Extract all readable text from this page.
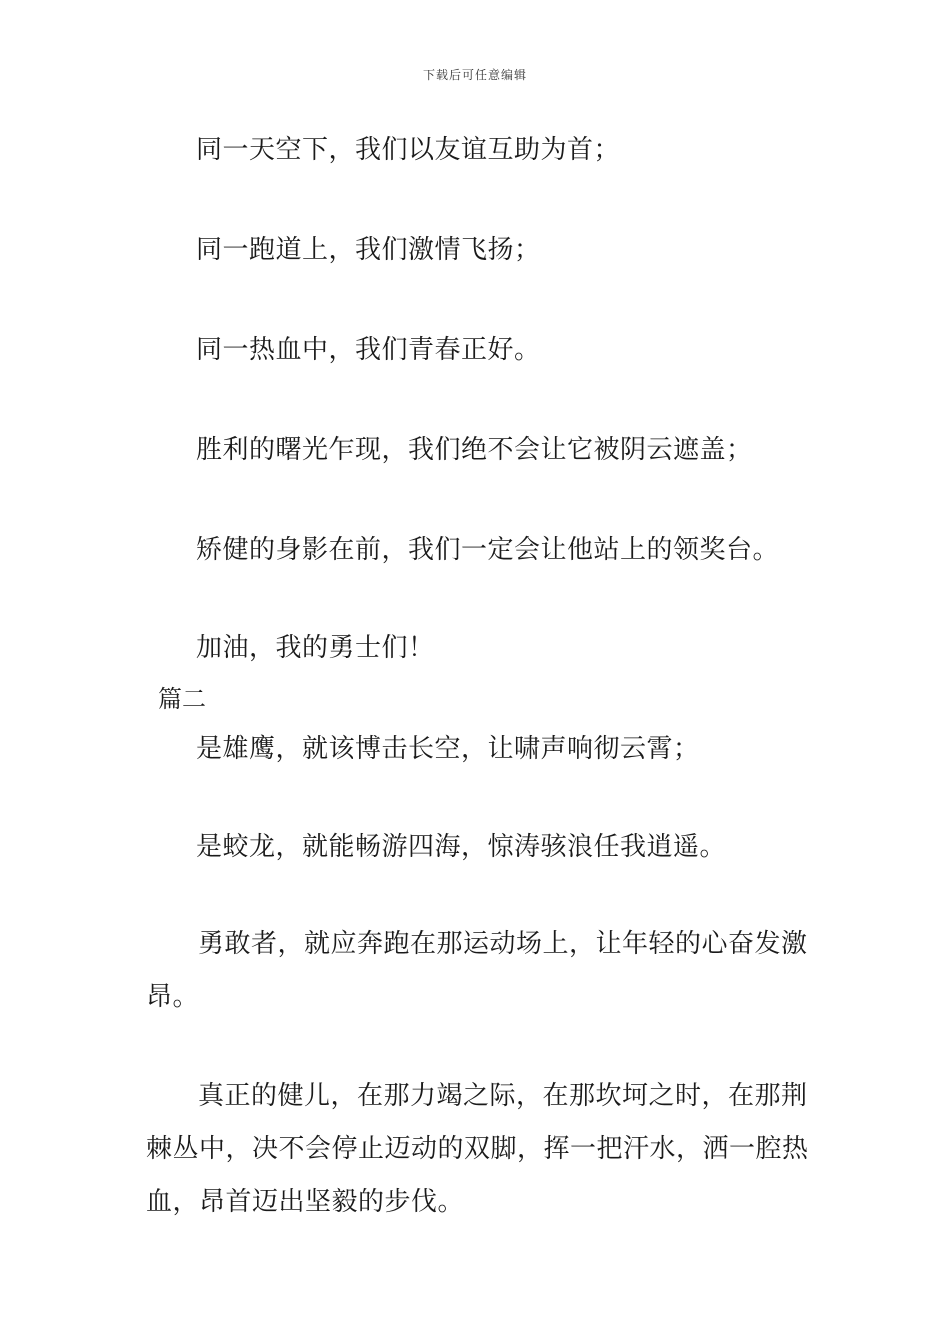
下载后可任意编辑
同一天空下，我们以友谊互助为首；
同一跑道上，我们激情飞扬；
同一热血中，我们青春正好。
胜利的曙光乍现，我们绝不会让它被阴云遮盖；
矫健的身影在前，我们一定会让他站上的领奖台。
加油，我的勇士们！
篇二
是雄鹰，就该博击长空，让啸声响彻云霄；
是蛟龙，就能畅游四海，惊涛骇浪任我逍遥。
勇敢者，就应奔跑在那运动场上，让年轻的心奋发激昂。
真正的健儿，在那力竭之际，在那坎坷之时，在那荆棘丛中，决不会停止迈动的双脚，挥一把汗水，洒一腔热血，昂首迈出坚毅的步伐。
